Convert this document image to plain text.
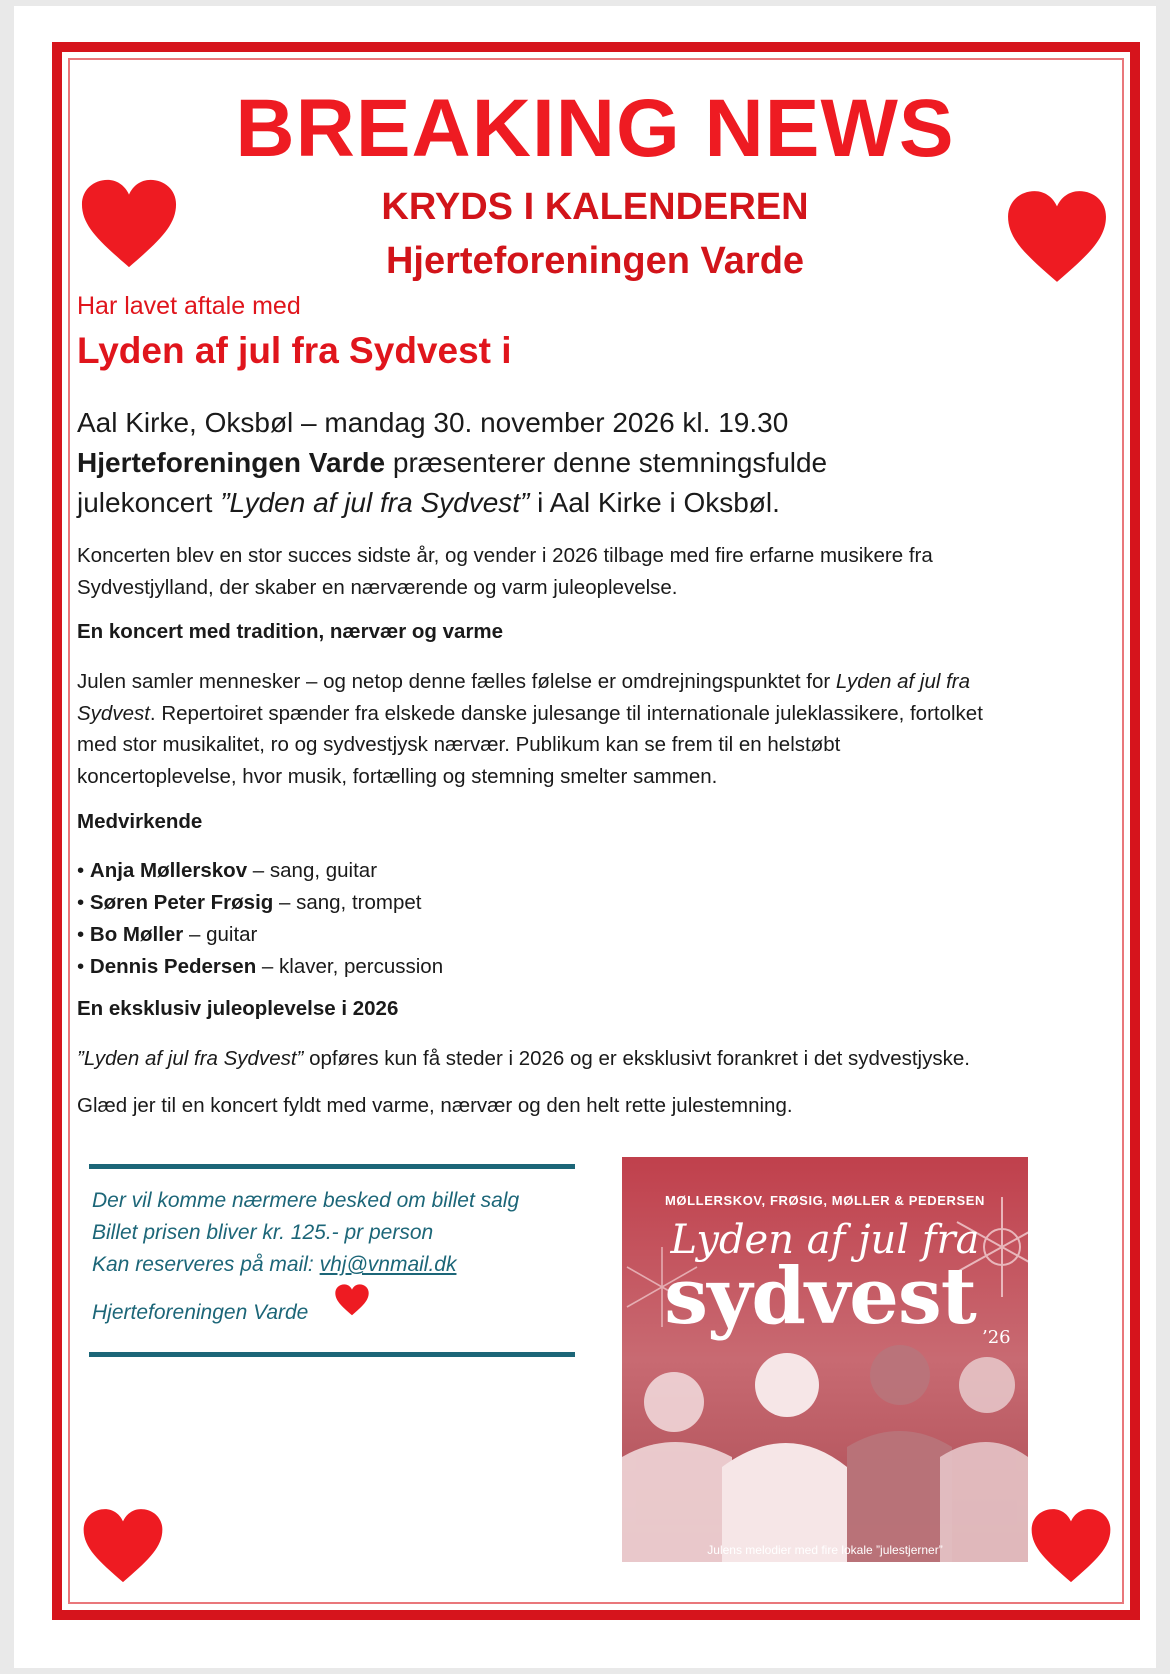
BREAKING NEWS
KRYDS I KALENDEREN
Hjerteforeningen Varde

Har lavet aftale med

Lyden af jul fra Sydvest i

Aal Kirke, Oksbøl – mandag 30. november 2026 kl. 19.30

Hjerteforeningen Varde præsenterer denne stemningsfulde

julekoncert ”Lyden af jul fra Sydvest” i Aal Kirke i Oksbøl.

Koncerten blev en stor succes sidste år, og vender i 2026 tilbage med fire erfarne musikere fra
Sydvestjylland, der skaber en nærværende og varm juleoplevelse.

En koncert med tradition, nærvær og varme

Julen samler mennesker – og netop denne fælles følelse er omdrejningspunktet for Lyden af jul fra
Sydvest. Repertoiret spænder fra elskede danske julesange til internationale juleklassikere, fortolket
med stor musikalitet, ro og sydvestjysk nærvær. Publikum kan se frem til en helstøbt
koncertoplevelse, hvor musik, fortælling og stemning smelter sammen.

Medvirkende

• Anja Møllerskov – sang, guitar

• Søren Peter Frøsig – sang, trompet

• Bo Møller – guitar

• Dennis Pedersen – klaver, percussion

En eksklusiv juleoplevelse i 2026

”Lyden af jul fra Sydvest” opføres kun få steder i 2026 og er eksklusivt forankret i det sydvestjyske.

Glæd jer til en koncert fyldt med varme, nærvær og den helt rette julestemning.

Der vil komme nærmere besked om billet salg

Billet prisen bliver kr. 125.- pr person

Kan reserveres på mail: vhj@vnmail.dk

Hjerteforeningen Varde

MØLLERSKOV, FRØSIG, MØLLER & PEDERSEN
Lyden af jul fra
sydvest ’26
Julens melodier med fire lokale ”julestjerner”
